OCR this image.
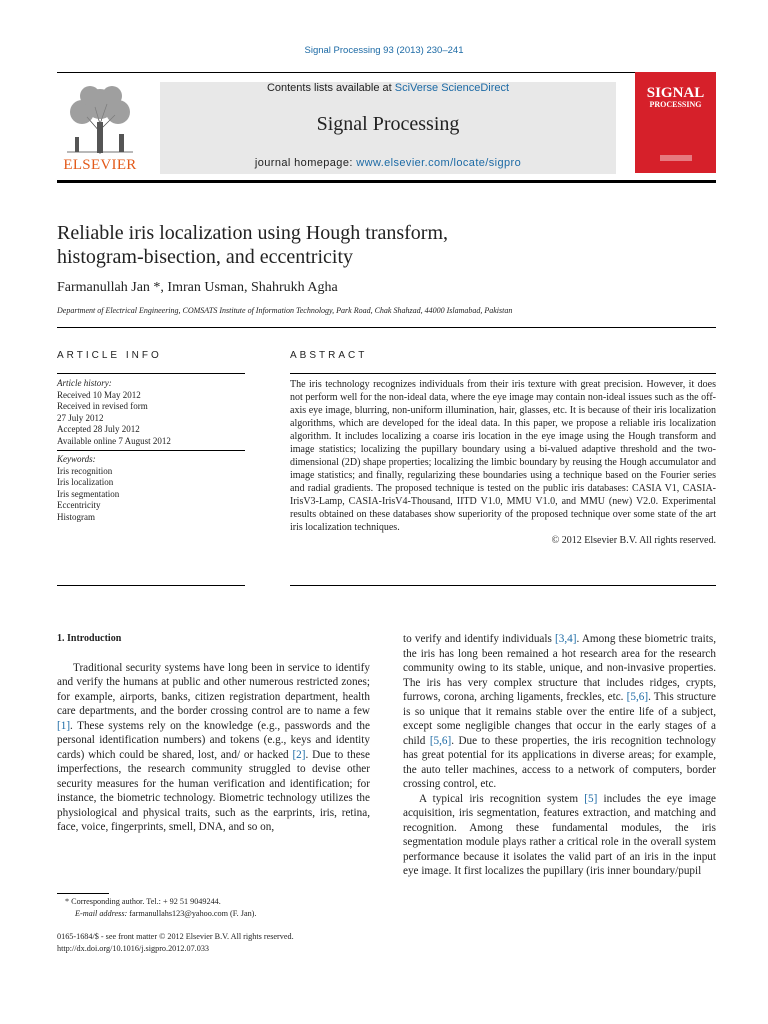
Signal Processing 93 (2013) 230–241
ELSEVIER
Contents lists available at SciVerse ScienceDirect
Signal Processing
journal homepage: www.elsevier.com/locate/sigpro
SIGNAL
PROCESSING
Reliable iris localization using Hough transform,
histogram-bisection, and eccentricity
Farmanullah Jan *, Imran Usman, Shahrukh Agha
Department of Electrical Engineering, COMSATS Institute of Information Technology, Park Road, Chak Shahzad, 44000 Islamabad, Pakistan
ARTICLE INFO	ABSTRACT
Article history:
Received 10 May 2012
Received in revised form
27 July 2012
Accepted 28 July 2012
Available online 7 August 2012
Keywords:
Iris recognition
Iris localization
Iris segmentation
Eccentricity
Histogram
The iris technology recognizes individuals from their iris texture with great precision. However, it does not perform well for the non-ideal data, where the eye image may contain non-ideal issues such as the off-axis eye image, blurring, non-uniform illumination, hair, glasses, etc. It is because of their iris localization algorithms, which are developed for the ideal data. In this paper, we propose a reliable iris localization algorithm. It includes localizing a coarse iris location in the eye image using the Hough transform and image statistics; localizing the pupillary boundary using a bi-valued adaptive threshold and the two-dimensional (2D) shape properties; localizing the limbic boundary by reusing the Hough accumulator and image statistics; and finally, regularizing these boundaries using a technique based on the Fourier series and radial gradients. The proposed technique is tested on the public iris databases: CASIA V1, CASIA-IrisV3-Lamp, CASIA-IrisV4-Thousand, IITD V1.0, MMU V1.0, and MMU (new) V2.0. Experimental results obtained on these databases show superiority of the proposed technique over some state of the art iris localization techniques.
© 2012 Elsevier B.V. All rights reserved.
1. Introduction

Traditional security systems have long been in service to identify and verify the humans at public and other numerous restricted zones; for example, airports, banks, citizen registration department, health care departments, and the border crossing control are to name a few [1]. These systems rely on the knowledge (e.g., passwords and the personal identification numbers) and tokens (e.g., keys and identity cards) which could be shared, lost, and/ or hacked [2]. Due to these imperfections, the research community struggled to devise other security measures for the human verification and identification; for instance, the biometric technology. Biometric technology utilizes the physiological and physical traits, such as the earprints, iris, retina, face, voice, fingerprints, smell, DNA, and so on,

to verify and identify individuals [3,4]. Among these biometric traits, the iris has long been remained a hot research area for the research community owing to its stable, unique, and non-invasive properties. The iris has very complex structure that includes ridges, crypts, furrows, corona, arching ligaments, freckles, etc. [5,6]. This structure is so unique that it remains stable over the entire life of a subject, except some negligible changes that occur in the early stages of a child [5,6]. Due to these properties, the iris recognition technology has great potential for its applications in diverse areas; for example, the auto teller machines, access to a network of computers, border crossing control, etc.

A typical iris recognition system [5] includes the eye image acquisition, iris segmentation, features extraction, and matching and recognition. Among these fundamental modules, the iris segmentation module plays rather a critical role in the overall system performance because it isolates the valid part of an iris in the input eye image. It first localizes the pupillary (iris inner boundary/pupil

* Corresponding author. Tel.: + 92 51 9049244.
E-mail address: farmanullahs123@yahoo.com (F. Jan).
0165-1684/$ - see front matter © 2012 Elsevier B.V. All rights reserved.
http://dx.doi.org/10.1016/j.sigpro.2012.07.033
